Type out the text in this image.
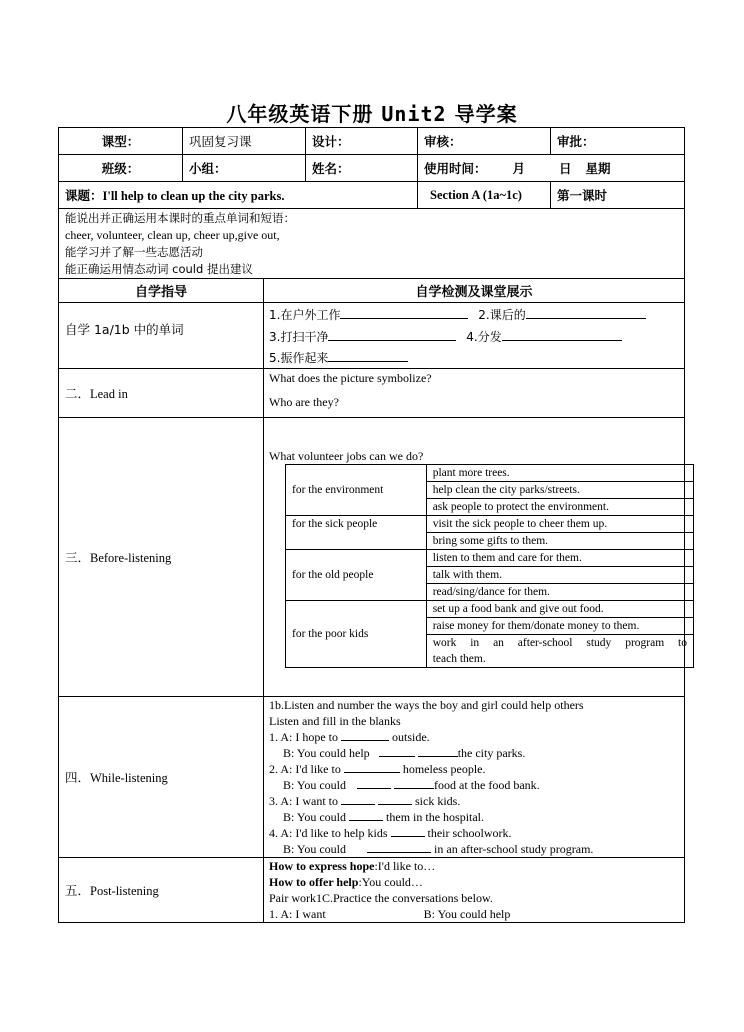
八年级英语下册 Unit2 导学案
课型：	巩固复习课	设计：	审核：	审批：
班级：	小组：	姓名：	使用时间： 月	日 星期
课题：I'll help to clean up the city parks.	Section A (1a~1c)	第一课时
能说出并正确运用本课时的重点单词和短语：
cheer, volunteer, clean up, cheer up,give out,
能学习并了解一些志愿活动
能正确运用情态动词 could 提出建议
自学指导	自学检测及课堂展示
自学 1a/1b 中的单词
1.在户外工作	2.课后的
3.打扫干净	4.分发
5.振作起来
二．Lead in
What does the picture symbolize?
Who are they?
三．Before-listening
What volunteer jobs can we do?
for the environment	plant more trees.
	help clean the city parks/streets.
	ask people to protect the environment.
for the sick people	visit the sick people to cheer them up.
	bring some gifts to them.
for the old people	listen to them and care for them.
	talk with them.
	read/sing/dance for them.
for the poor kids	set up a food bank and give out food.
	raise money for them/donate money to them.

	work in an after-school study program to
teach them.
四．While-listening
1b.Listen and number the ways the boy and girl could help others
Listen and fill in the blanks
1. A: I hope to	outside.
B: You could help	the city parks.
2. A: I'd like to	homeless people.
B: You could	food at the food bank.
3. A: I want to	sick kids.
B: You could	them in the hospital.
4. A: I'd like to help kids	their schoolwork.
B: You could	in an after-school study program.
五．Post-listening
How to express hope:I'd like to…
How to offer help:You could…
Pair work1C.Practice the conversations below.
1. A: I want	B: You could help
